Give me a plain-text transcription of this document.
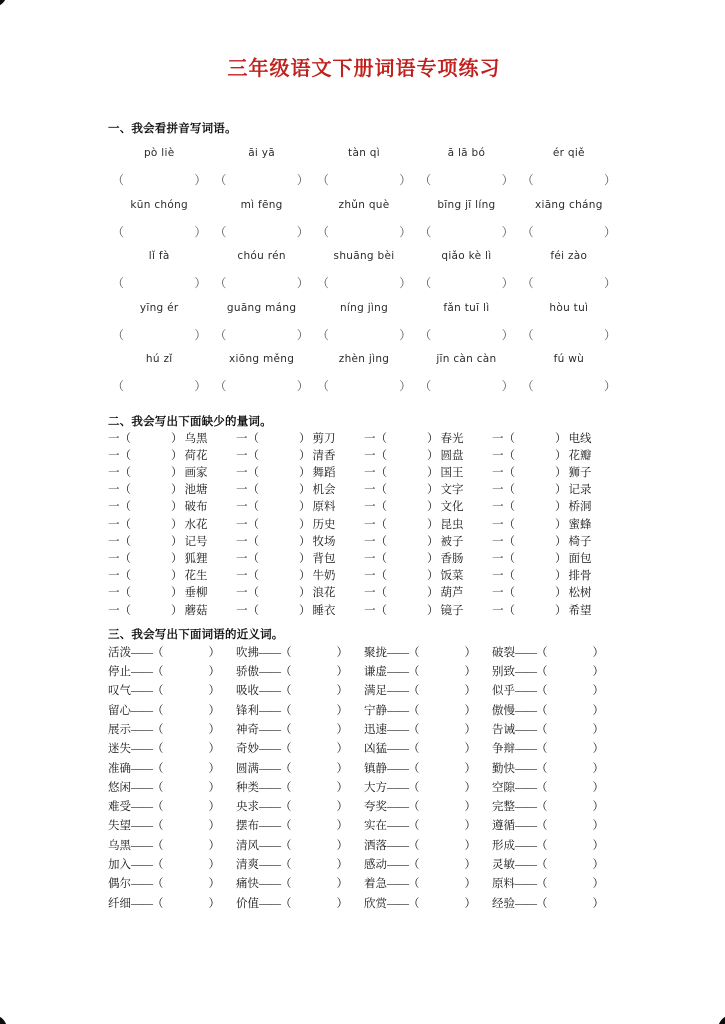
三年级语文下册词语专项练习
一、我会看拼音写词语。
pò liè	āi yā	tàn qì	ā lā bó	ér qiě
（	） （	） （	） （	） （	）
kūn chóng	mì fēng	zhǔn què	bīng jī líng	xiāng cháng
（	） （	） （	） （	） （	）
lǐ fà	chóu rén	shuāng bèi	qiǎo kè lì	féi zào
（	） （	） （	） （	） （	）
yīng ér	guāng máng	níng jìng	fǎn tuī lì	hòu tuì
（	） （	） （	） （	） （	）
hú zǐ	xiōng měng	zhèn jìng	jīn càn càn	fú wù
（	） （	） （	） （	） （	）
二、我会写出下面缺少的量词。
一（	） 乌黑 一（	） 剪刀 一（	） 春光 一（	） 电线
一（	） 荷花 一（	） 清香 一（	） 圆盘 一（	） 花瓣
一（	） 画家 一（	） 舞蹈 一（	） 国王 一（	） 狮子
一（	） 池塘 一（	） 机会 一（	） 文字 一（	） 记录
一（	） 破布 一（	） 原料 一（	） 文化 一（	） 桥洞
一（	） 水花 一（	） 历史 一（	） 昆虫 一（	） 蜜蜂
一（	） 记号 一（	） 牧场 一（	） 被子 一（	） 椅子
一（	） 狐狸 一（	） 背包 一（	） 香肠 一（	） 面包
一（	） 花生 一（	） 牛奶 一（	） 饭菜 一（	） 排骨
一（	） 垂柳 一（	） 浪花 一（	） 葫芦 一（	） 松树
一（	） 蘑菇 一（	） 睡衣 一（	） 镜子 一（	） 希望
三、我会写出下面词语的近义词。
活泼 ——（	） 吹拂 ——（	） 聚拢 ——（	） 破裂 ——（	）
停止 ——（	） 骄傲 ——（	） 谦虚 ——（	） 别致 ——（	）
叹气 ——（	） 吸收 ——（	） 满足 ——（	） 似乎 ——（	）
留心 ——（	） 锋利 ——（	） 宁静 ——（	） 傲慢 ——（	）
展示 ——（	） 神奇 ——（	） 迅速 ——（	） 告诫 ——（	）
迷失 ——（	） 奇妙 ——（	） 凶猛 ——（	） 争辩 ——（	）
准确 ——（	） 圆满 ——（	） 镇静 ——（	） 勤快 ——（	）
悠闲 ——（	） 种类 ——（	） 大方 ——（	） 空隙 ——（	）
难受 ——（	） 央求 ——（	） 夸奖 ——（	） 完整 ——（	）
失望 ——（	） 摆布 ——（	） 实在 ——（	） 遵循 ——（	）
乌黑 ——（	） 清风 ——（	） 洒落 ——（	） 形成 ——（	）
加入 ——（	） 清爽 ——（	） 感动 ——（	） 灵敏 ——（	）
偶尔 ——（	） 痛快 ——（	） 着急 ——（	） 原料 ——（	）
纤细 ——（	） 价值 ——（	） 欣赏 ——（	） 经验 ——（	）
